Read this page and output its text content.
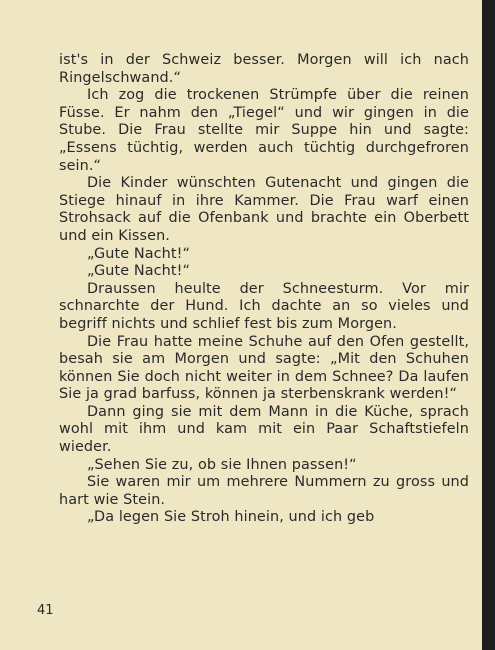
ist's in der Schweiz besser. Morgen will ich nach Ringelschwand.“

Ich zog die trockenen Strümpfe über die reinen Füsse. Er nahm den „Tiegel“ und wir gingen in die Stube. Die Frau stellte mir Suppe hin und sagte: „Essens tüchtig, werden auch tüchtig durchgefroren sein.“

Die Kinder wünschten Gutenacht und gingen die Stiege hinauf in ihre Kammer. Die Frau warf einen Strohsack auf die Ofenbank und brachte ein Oberbett und ein Kissen.

„Gute Nacht!“

„Gute Nacht!“

Draussen heulte der Schneesturm. Vor mir schnarchte der Hund. Ich dachte an so vieles und begriff nichts und schlief fest bis zum Morgen.

Die Frau hatte meine Schuhe auf den Ofen gestellt, besah sie am Morgen und sagte: „Mit den Schuhen können Sie doch nicht weiter in dem Schnee? Da laufen Sie ja grad barfuss, können ja sterbenskrank werden!“

Dann ging sie mit dem Mann in die Küche, sprach wohl mit ihm und kam mit ein Paar Schaftstiefeln wieder.

„Sehen Sie zu, ob sie Ihnen passen!“

Sie waren mir um mehrere Nummern zu gross und hart wie Stein.

„Da legen Sie Stroh hinein, und ich geb

41
